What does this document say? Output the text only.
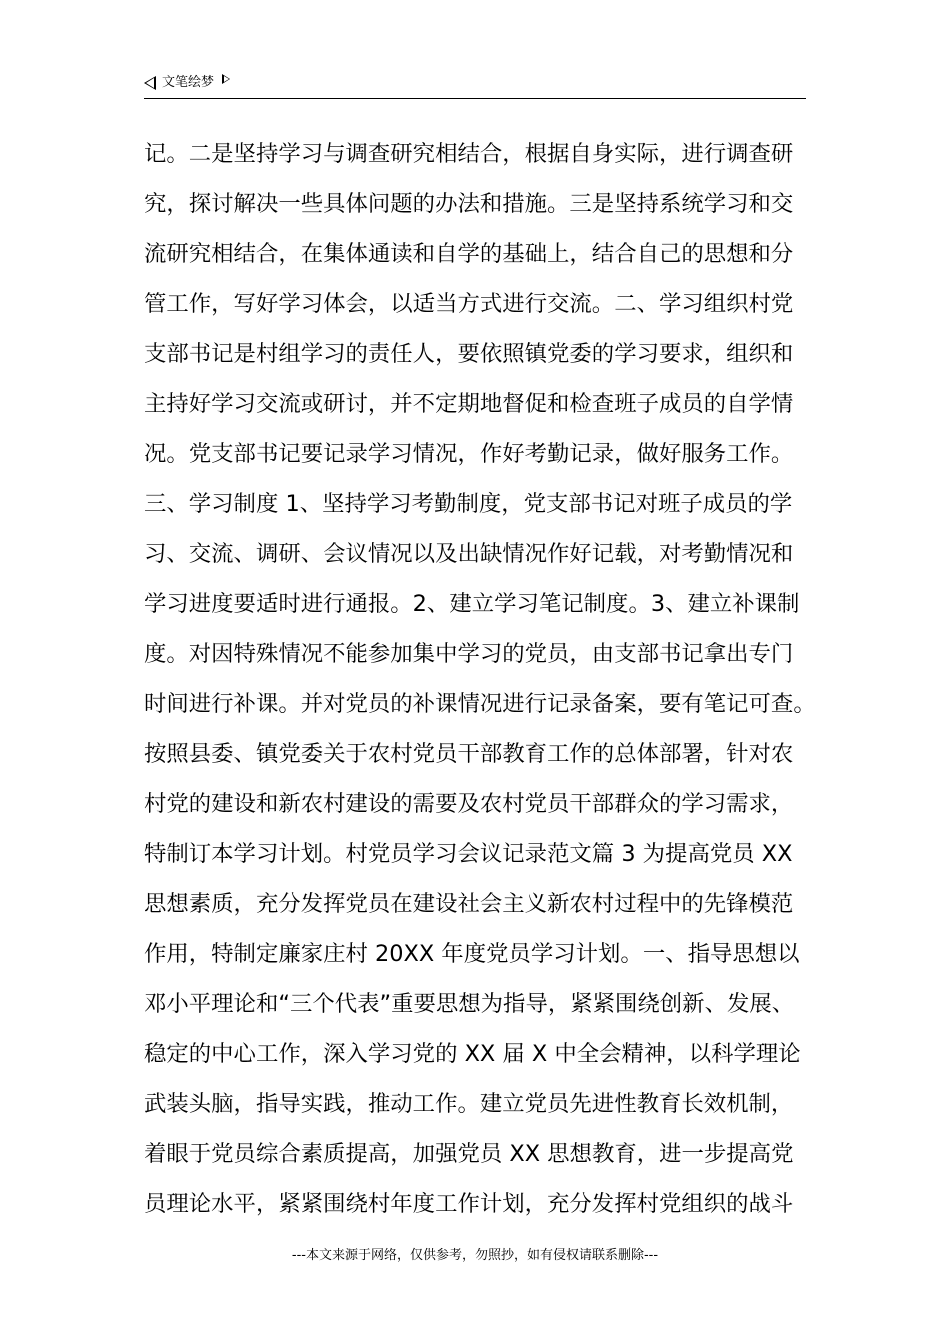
文笔绘梦
记。二是坚持学习与调查研究相结合，根据自身实际，进行调查研
究，探讨解决一些具体问题的办法和措施。三是坚持系统学习和交
流研究相结合，在集体通读和自学的基础上，结合自己的思想和分
管工作，写好学习体会，以适当方式进行交流。二、学习组织村党
支部书记是村组学习的责任人，要依照镇党委的学习要求，组织和
主持好学习交流或研讨，并不定期地督促和检查班子成员的自学情
况。党支部书记要记录学习情况，作好考勤记录，做好服务工作。
三、学习制度 1、坚持学习考勤制度，党支部书记对班子成员的学
习、交流、调研、会议情况以及出缺情况作好记载，对考勤情况和
学习进度要适时进行通报。2、建立学习笔记制度。3、建立补课制
度。对因特殊情况不能参加集中学习的党员，由支部书记拿出专门
时间进行补课。并对党员的补课情况进行记录备案，要有笔记可查。
按照县委、镇党委关于农村党员干部教育工作的总体部署，针对农
村党的建设和新农村建设的需要及农村党员干部群众的学习需求，
特制订本学习计划。村党员学习会议记录范文篇 3 为提高党员 XX
思想素质，充分发挥党员在建设社会主义新农村过程中的先锋模范
作用，特制定廉家庄村 20XX 年度党员学习计划。一、指导思想以
邓小平理论和“三个代表”重要思想为指导，紧紧围绕创新、发展、
稳定的中心工作，深入学习党的 XX 届 X 中全会精神，以科学理论
武装头脑，指导实践，推动工作。建立党员先进性教育长效机制，
着眼于党员综合素质提高，加强党员 XX 思想教育，进一步提高党
员理论水平，紧紧围绕村年度工作计划，充分发挥村党组织的战斗
---本文来源于网络，仅供参考，勿照抄，如有侵权请联系删除---
